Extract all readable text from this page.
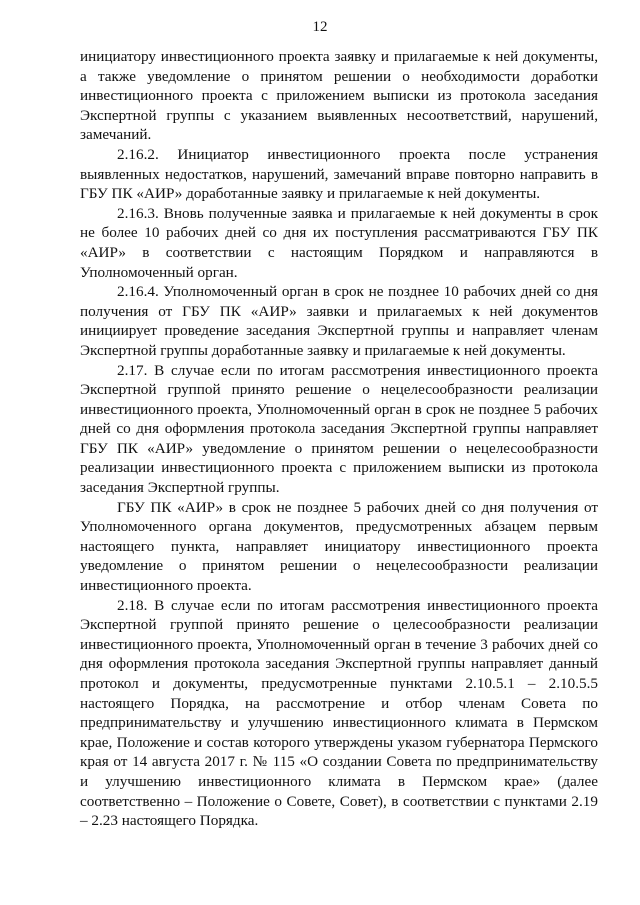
12

инициатору инвестиционного проекта заявку и прилагаемые к ней документы, а также уведомление о принятом решении о необходимости доработки инвестиционного проекта с приложением выписки из протокола заседания Экспертной группы с указанием выявленных несоответствий, нарушений, замечаний.

2.16.2. Инициатор инвестиционного проекта после устранения выявленных недостатков, нарушений, замечаний вправе повторно направить в ГБУ ПК «АИР» доработанные заявку и прилагаемые к ней документы.

2.16.3. Вновь полученные заявка и прилагаемые к ней документы в срок не более 10 рабочих дней со дня их поступления рассматриваются ГБУ ПК «АИР» в соответствии с настоящим Порядком и направляются в Уполномоченный орган.

2.16.4. Уполномоченный орган в срок не позднее 10 рабочих дней со дня получения от ГБУ ПК «АИР» заявки и прилагаемых к ней документов инициирует проведение заседания Экспертной группы и направляет членам Экспертной группы доработанные заявку и прилагаемые к ней документы.

2.17. В случае если по итогам рассмотрения инвестиционного проекта Экспертной группой принято решение о нецелесообразности реализации инвестиционного проекта, Уполномоченный орган в срок не позднее 5 рабочих дней со дня оформления протокола заседания Экспертной группы направляет ГБУ ПК «АИР» уведомление о принятом решении о нецелесообразности реализации инвестиционного проекта с приложением выписки из протокола заседания Экспертной группы.

ГБУ ПК «АИР» в срок не позднее 5 рабочих дней со дня получения от Уполномоченного органа документов, предусмотренных абзацем первым настоящего пункта, направляет инициатору инвестиционного проекта уведомление о принятом решении о нецелесообразности реализации инвестиционного проекта.

2.18. В случае если по итогам рассмотрения инвестиционного проекта Экспертной группой принято решение о целесообразности реализации инвестиционного проекта, Уполномоченный орган в течение 3 рабочих дней со дня оформления протокола заседания Экспертной группы направляет данный протокол и документы, предусмотренные пунктами 2.10.5.1 – 2.10.5.5 настоящего Порядка, на рассмотрение и отбор членам Совета по предпринимательству и улучшению инвестиционного климата в Пермском крае, Положение и состав которого утверждены указом губернатора Пермского края от 14 августа 2017 г. № 115 «О создании Совета по предпринимательству и улучшению инвестиционного климата в Пермском крае» (далее соответственно – Положение о Совете, Совет), в соответствии с пунктами 2.19 – 2.23 настоящего Порядка.
